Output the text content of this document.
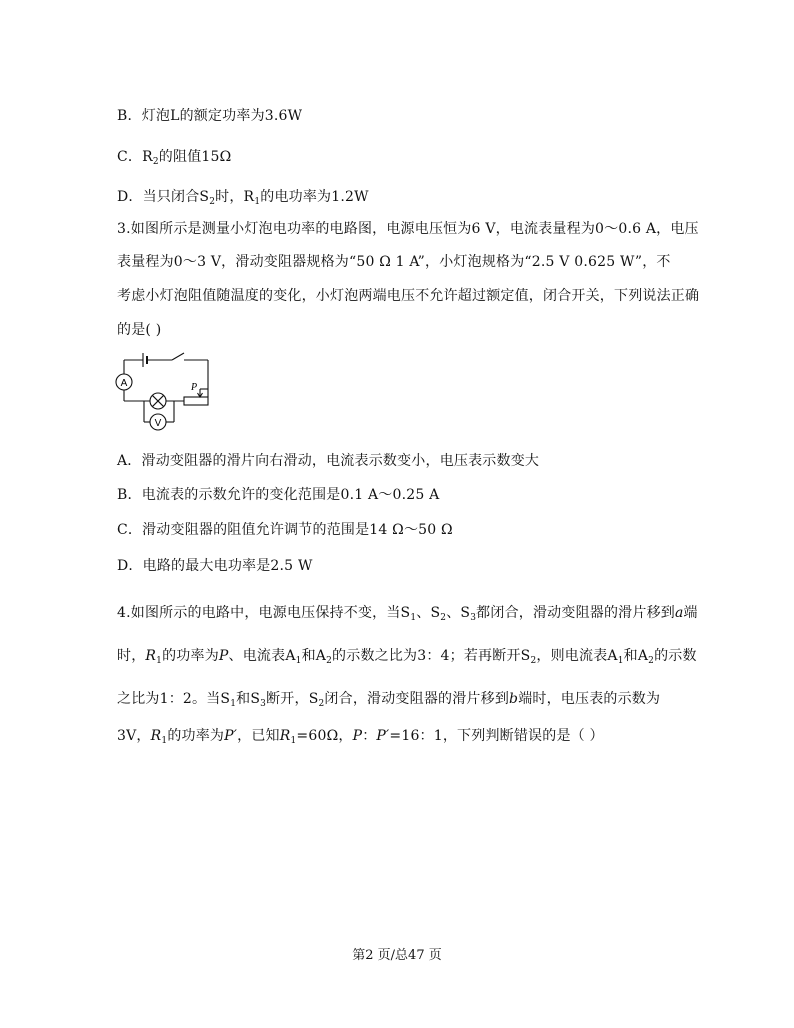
B．灯泡L的额定功率为3.6W
C．$R_2$的阻值15Ω
D．当只闭合$S_2$时，$R_1$的电功率为1.2W
3.如图所示是测量小灯泡电功率的电路图，电源电压恒为6 V，电流表量程为0～0.6 A，电压
表量程为0～3 V，滑动变阻器规格为“50 Ω 1 A”，小灯泡规格为“2.5 V 0.625 W”，不
考虑小灯泡阻值随温度的变化，小灯泡两端电压不允许超过额定值，闭合开关，下列说法正确
的是( )
A
V
P
A．滑动变阻器的滑片向右滑动，电流表示数变小，电压表示数变大
B．电流表的示数允许的变化范围是0.1 A～0.25 A
C．滑动变阻器的阻值允许调节的范围是14 Ω～50 Ω
D．电路的最大电功率是2.5 W
4.如图所示的电路中，电源电压保持不变，当$S_1$、$S_2$、$S_3$都闭合，滑动变阻器的滑片移到a端
时，$R_1$的功率为P、电流表$A_1$和$A_2$的示数之比为3：4；若再断开$S_2$，则电流表$A_1$和$A_2$的示数
之比为1：2。当$S_1$和$S_3$断开，$S_2$闭合，滑动变阻器的滑片移到b端时，电压表的示数为
3V，$R_1$的功率为P′，已知$R_1=60\Omega$，P：P′=16：1，下列判断错误的是（ ）
第2 页/总47 页
